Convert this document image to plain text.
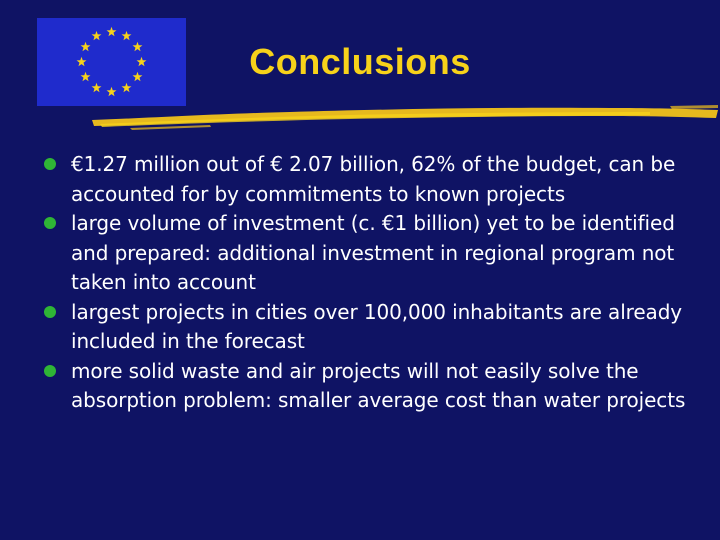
Conclusions
€1.27 million out of € 2.07 billion, 62% of the budget, can be accounted for by commitments to known projects
large volume of investment (c. €1 billion) yet to be identified and prepared: additional investment in regional program not taken into account
largest projects in cities over 100,000 inhabitants are already included in the forecast
more solid waste and air projects will not easily solve the absorption problem: smaller average cost than water projects
